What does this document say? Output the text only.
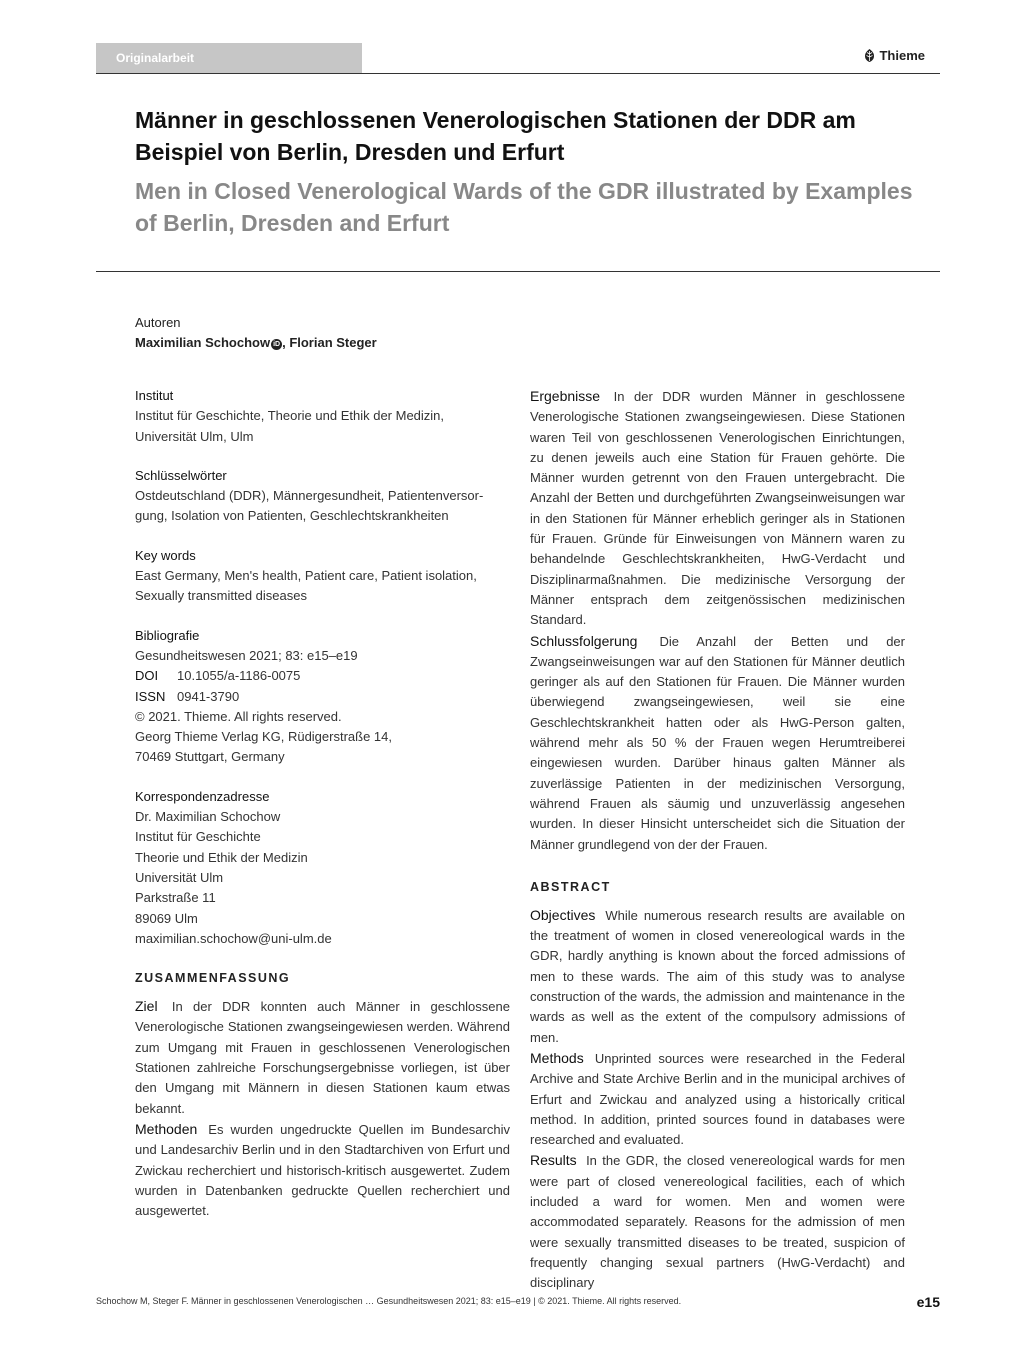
Originalarbeit	Thieme
Männer in geschlossenen Venerologischen Stationen der DDR am Beispiel von Berlin, Dresden und Erfurt
Men in Closed Venerological Wards of the GDR illustrated by Examples of Berlin, Dresden and Erfurt
Autoren
Maximilian Schochow iD , Florian Steger
Institut
Institut für Geschichte, Theorie und Ethik der Medizin,
Universität Ulm, Ulm
Schlüsselwörter
Ostdeutschland (DDR), Männergesundheit, Patientenversor-
gung, Isolation von Patienten, Geschlechtskrankheiten
Key words
East Germany, Men's health, Patient care, Patient isolation,
Sexually transmitted diseases
Bibliografie
Gesundheitswesen 2021; 83: e15–e19
DOI 10.1055/a-1186-0075
ISSN 0941-3790
© 2021. Thieme. All rights reserved.
Georg Thieme Verlag KG, Rüdigerstraße 14,
70469 Stuttgart, Germany
Korrespondenzadresse
Dr. Maximilian Schochow
Institut für Geschichte
Theorie und Ethik der Medizin
Universität Ulm
Parkstraße 11
89069 Ulm
maximilian.schochow@uni-ulm.de
ZUSAMMENFASSUNG

Ziel In der DDR konnten auch Männer in geschlossene Venerologische Stationen zwangseingewiesen werden. Während zum Umgang mit Frauen in geschlossenen Venerologischen Stationen zahlreiche Forschungsergebnisse vorliegen, ist über den Umgang mit Männern in diesen Stationen kaum etwas bekannt.

Methoden Es wurden ungedruckte Quellen im Bundesarchiv und Landesarchiv Berlin und in den Stadtarchiven von Erfurt und Zwickau recherchiert und historisch-kritisch ausgewertet. Zudem wurden in Datenbanken gedruckte Quellen recherchiert und ausgewertet.

Ergebnisse In der DDR wurden Männer in geschlossene Venerologische Stationen zwangseingewiesen. Diese Stationen waren Teil von geschlossenen Venerologischen Einrichtungen, zu denen jeweils auch eine Station für Frauen gehörte. Die Männer wurden getrennt von den Frauen untergebracht. Die Anzahl der Betten und durchgeführten Zwangseinweisungen war in den Stationen für Männer erheblich geringer als in Stationen für Frauen. Gründe für Einweisungen von Männern waren zu behandelnde Geschlechtskrankheiten, HwG-Verdacht und Disziplinarmaßnahmen. Die medizinische Versorgung der Männer entsprach dem zeitgenössischen medizinischen Standard.

Schlussfolgerung Die Anzahl der Betten und der Zwangseinweisungen war auf den Stationen für Männer deutlich geringer als auf den Stationen für Frauen. Die Männer wurden überwiegend zwangseingewiesen, weil sie eine Geschlechtskrankheit hatten oder als HwG-Person galten, während mehr als 50 % der Frauen wegen Herumtreiberei eingewiesen wurden. Darüber hinaus galten Männer als zuverlässige Patienten in der medizinischen Versorgung, während Frauen als säumig und unzuverlässig angesehen wurden. In dieser Hinsicht unterscheidet sich die Situation der Männer grundlegend von der der Frauen.

ABSTRACT

Objectives While numerous research results are available on the treatment of women in closed venereological wards in the GDR, hardly anything is known about the forced admissions of men to these wards. The aim of this study was to analyse construction of the wards, the admission and maintenance in the wards as well as the extent of the compulsory admissions of men.

Methods Unprinted sources were researched in the Federal Archive and State Archive Berlin and in the municipal archives of Erfurt and Zwickau and analyzed using a historically critical method. In addition, printed sources found in databases were researched and evaluated.

Results In the GDR, the closed venereological wards for men were part of closed venereological facilities, each of which included a ward for women. Men and women were accommodated separately. Reasons for the admission of men were sexually transmitted diseases to be treated, suspicion of frequently changing sexual partners (HwG-Verdacht) and disciplinary

Schochow M, Steger F. Männer in geschlossenen Venerologischen … Gesundheitswesen 2021; 83: e15–e19 | © 2021. Thieme. All rights reserved.	e15
